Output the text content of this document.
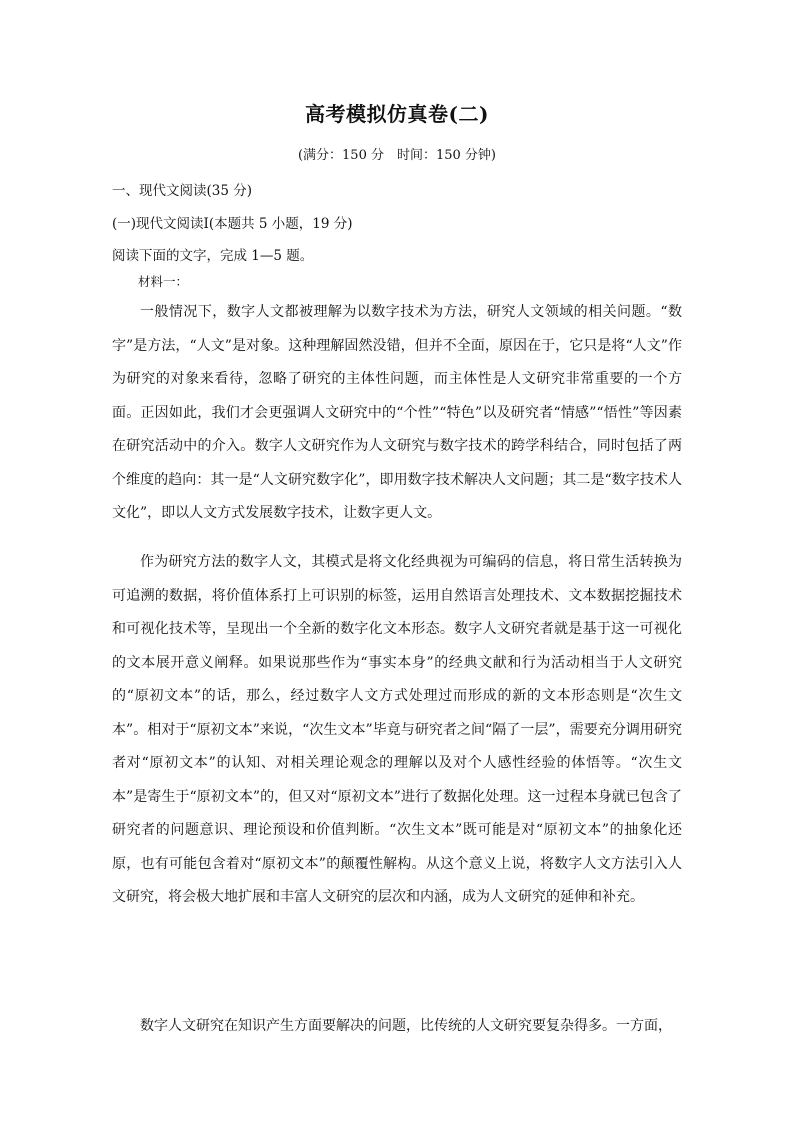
高考模拟仿真卷(二)
(满分：150 分　时间：150 分钟)
一、现代文阅读(35 分)
(一)现代文阅读Ⅰ(本题共 5 小题，19 分)
阅读下面的文字，完成 1—5 题。
材料一：

一般情况下，数字人文都被理解为以数字技术为方法，研究人文领域的相关问题。“数字”是方法，“人文”是对象。这种理解固然没错，但并不全面，原因在于，它只是将“人文”作为研究的对象来看待，忽略了研究的主体性问题，而主体性是人文研究非常重要的一个方面。正因如此，我们才会更强调人文研究中的“个性”“特色”以及研究者“情感”“悟性”等因素在研究活动中的介入。数字人文研究作为人文研究与数字技术的跨学科结合，同时包括了两个维度的趋向：其一是“人文研究数字化”，即用数字技术解决人文问题；其二是“数字技术人文化”，即以人文方式发展数字技术，让数字更人文。

作为研究方法的数字人文，其模式是将文化经典视为可编码的信息，将日常生活转换为可追溯的数据，将价值体系打上可识别的标签，运用自然语言处理技术、文本数据挖掘技术和可视化技术等，呈现出一个全新的数字化文本形态。数字人文研究者就是基于这一可视化的文本展开意义阐释。如果说那些作为“事实本身”的经典文献和行为活动相当于人文研究的“原初文本”的话，那么，经过数字人文方式处理过而形成的新的文本形态则是“次生文本”。相对于“原初文本”来说，“次生文本”毕竟与研究者之间“隔了一层”，需要充分调用研究者对“原初文本”的认知、对相关理论观念的理解以及对个人感性经验的体悟等。“次生文本”是寄生于“原初文本”的，但又对“原初文本”进行了数据化处理。这一过程本身就已包含了研究者的问题意识、理论预设和价值判断。“次生文本”既可能是对“原初文本”的抽象化还原，也有可能包含着对“原初文本”的颠覆性解构。从这个意义上说，将数字人文方法引入人文研究，将会极大地扩展和丰富人文研究的层次和内涵，成为人文研究的延伸和补充。

数字人文研究在知识产生方面要解决的问题，比传统的人文研究要复杂得多。一方面，
